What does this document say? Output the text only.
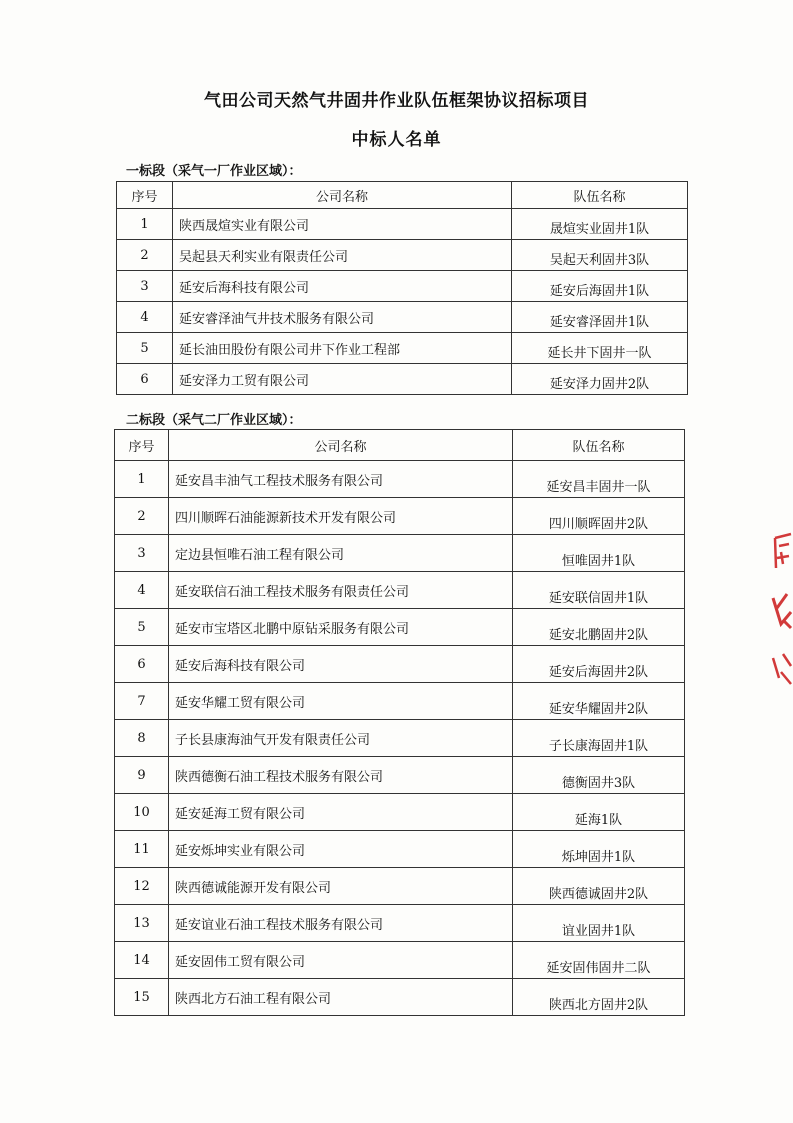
气田公司天然气井固井作业队伍框架协议招标项目
中标人名单
一标段（采气一厂作业区域）：
序号	公司名称	队伍名称
1	陕西晟煊实业有限公司	晟煊实业固井1队
2	吴起县天利实业有限责任公司	吴起天利固井3队
3	延安后海科技有限公司	延安后海固井1队
4	延安睿泽油气井技术服务有限公司	延安睿泽固井1队
5	延长油田股份有限公司井下作业工程部	延长井下固井一队
6	延安泽力工贸有限公司	延安泽力固井2队
二标段（采气二厂作业区域）：
序号	公司名称	队伍名称
1	延安昌丰油气工程技术服务有限公司	延安昌丰固井一队
2	四川顺晖石油能源新技术开发有限公司	四川顺晖固井2队
3	定边县恒唯石油工程有限公司	恒唯固井1队
4	延安联信石油工程技术服务有限责任公司	延安联信固井1队
5	延安市宝塔区北鹏中原钻采服务有限公司	延安北鹏固井2队
6	延安后海科技有限公司	延安后海固井2队
7	延安华耀工贸有限公司	延安华耀固井2队
8	子长县康海油气开发有限责任公司	子长康海固井1队
9	陕西德衡石油工程技术服务有限公司	德衡固井3队
10	延安延海工贸有限公司	延海1队
11	延安烁坤实业有限公司	烁坤固井1队
12	陕西德诚能源开发有限公司	陕西德诚固井2队
13	延安谊业石油工程技术服务有限公司	谊业固井1队
14	延安固伟工贸有限公司	延安固伟固井二队
15	陕西北方石油工程有限公司	陕西北方固井2队
